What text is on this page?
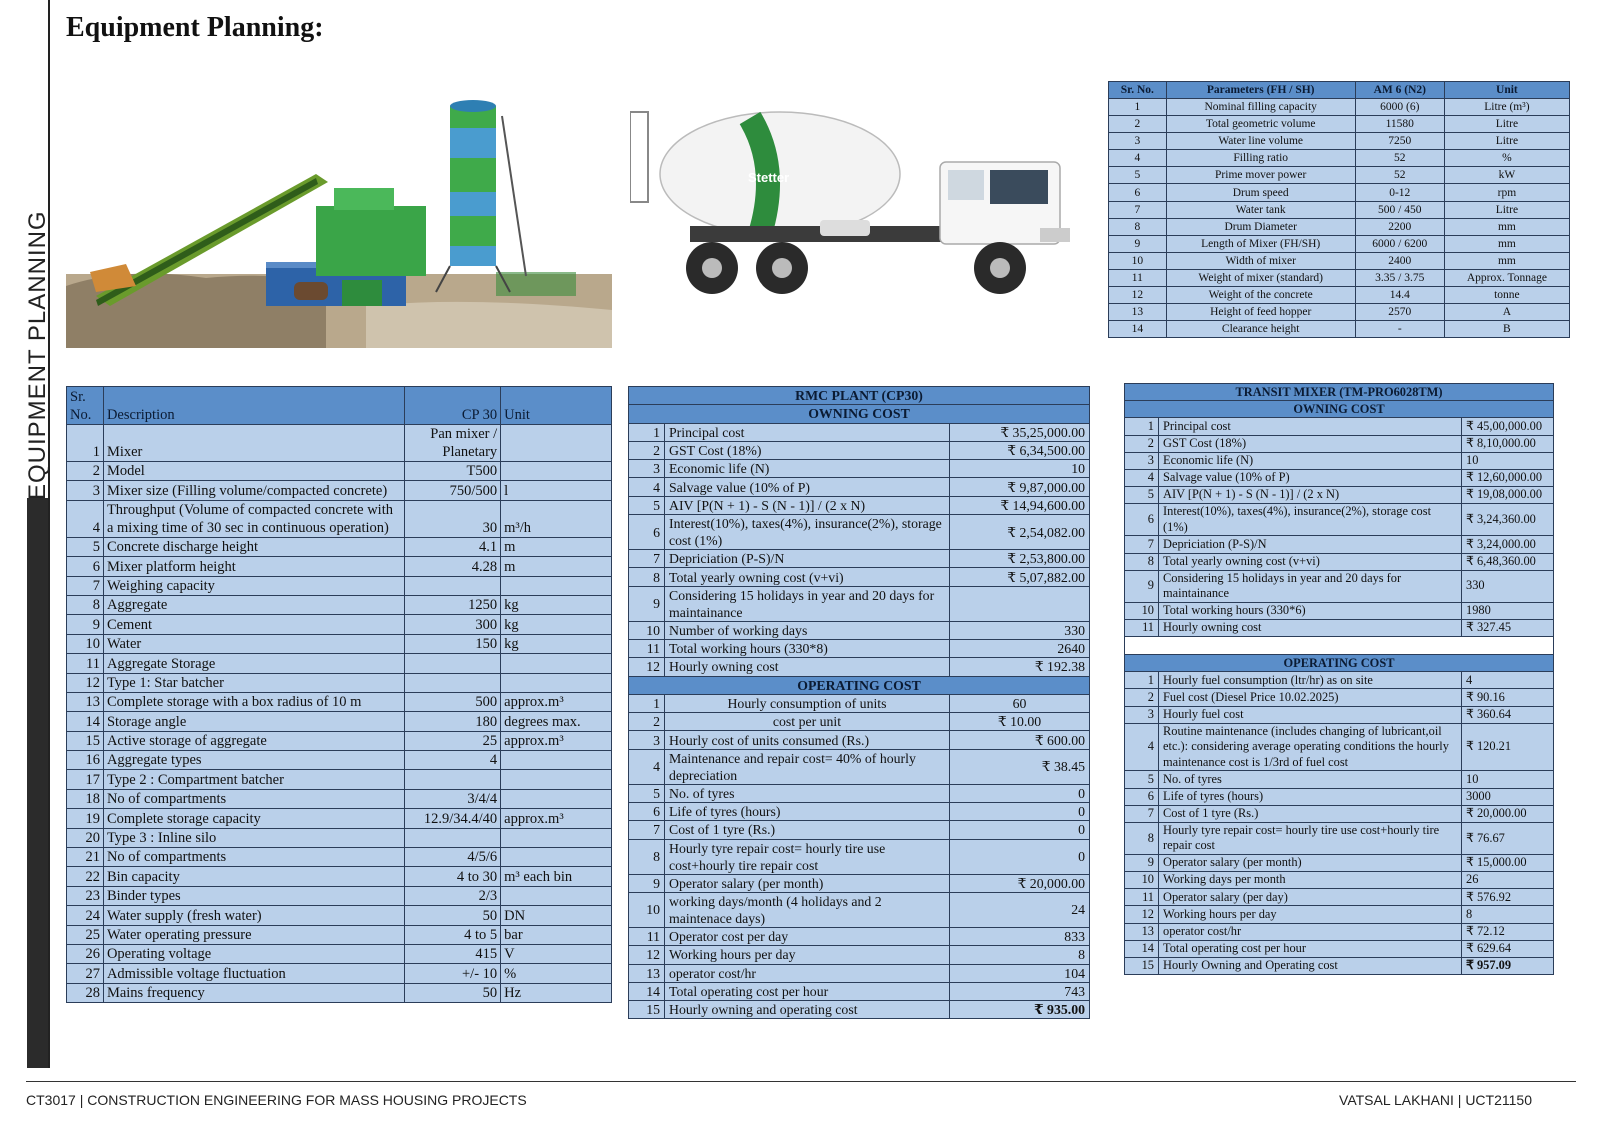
EQUIPMENT PLANNING
Equipment Planning:
Stetter
Sr. No.	Parameters (FH / SH)	AM 6 (N2)	Unit
1	Nominal filling capacity	6000 (6)	Litre (m³)
2	Total geometric volume	11580	Litre
3	Water line volume	7250	Litre
4	Filling ratio	52	%
5	Prime mover power	52	kW
6	Drum speed	0-12	rpm
7	Water tank	500 / 450	Litre
8	Drum Diameter	2200	mm
9	Length of Mixer (FH/SH)	6000 / 6200	mm
10	Width of mixer	2400	mm
11	Weight of mixer (standard)	3.35 / 3.75	Approx. Tonnage
12	Weight of the concrete	14.4	tonne
13	Height of feed hopper	2570	A
14	Clearance height	-	B
Sr. No.	Description	CP 30	Unit
1	Mixer	Pan mixer / Planetary	
2	Model	T500	
3	Mixer size (Filling volume/compacted concrete)	750/500	l
4	Throughput (Volume of compacted concrete with a mixing time of 30 sec in continuous operation)	30	m³/h
5	Concrete discharge height	4.1	m
6	Mixer platform height	4.28	m
7	Weighing capacity		
8	Aggregate	1250	kg
9	Cement	300	kg
10	Water	150	kg
11	Aggregate Storage		
12	Type 1: Star batcher		
13	Complete storage with a box radius of 10 m	500	approx.m³
14	Storage angle	180	degrees max.
15	Active storage of aggregate	25	approx.m³
16	Aggregate types	4	
17	Type 2 : Compartment batcher		
18	No of compartments	3/4/4	
19	Complete storage capacity	12.9/34.4/40	approx.m³
20	Type 3 : Inline silo		
21	No of compartments	4/5/6	
22	Bin capacity	4 to 30	m³ each bin
23	Binder types	2/3	
24	Water supply (fresh water)	50	DN
25	Water operating pressure	4 to 5	bar
26	Operating voltage	415	V
27	Admissible voltage fluctuation	+/- 10	%
28	Mains frequency	50	Hz
RMC PLANT (CP30)		
OWNING COST		
1	Principal cost	₹ 35,25,000.00
2	GST Cost (18%)	₹ 6,34,500.00
3	Economic life (N)	10
4	Salvage value (10% of P)	₹ 9,87,000.00
5	AIV [P(N + 1) - S (N - 1)] / (2 x N)	₹ 14,94,600.00
6	Interest(10%), taxes(4%), insurance(2%), storage cost (1%)	₹ 2,54,082.00
7	Depriciation (P-S)/N	₹ 2,53,800.00
8	Total yearly owning cost (v+vi)	₹ 5,07,882.00
9	Considering 15 holidays in year and 20 days for maintainance	
10	Number of working days	330
11	Total working hours (330*8)	2640
12	Hourly owning cost	₹ 192.38
OPERATING COST		
1	Hourly consumption of units	60
2	cost per unit	₹ 10.00
3	Hourly cost of units consumed (Rs.)	₹ 600.00
4	Maintenance and repair cost= 40% of hourly depreciation	₹ 38.45
5	No. of tyres	0
6	Life of tyres (hours)	0
7	Cost of 1 tyre (Rs.)	0
8	Hourly tyre repair cost= hourly tire use cost+hourly tire repair cost	0
9	Operator salary (per month)	₹ 20,000.00
10	working days/month (4 holidays and 2 maintenace days)	24
11	Operator cost per day	833
12	Working hours per day	8
13	operator cost/hr	104
14	Total operating cost per hour	743
15	Hourly owning and operating cost	₹ 935.00
TRANSIT MIXER (TM-PRO6028TM)		
OWNING COST		
1	Principal cost	₹ 45,00,000.00
2	GST Cost (18%)	₹ 8,10,000.00
3	Economic life (N)	10
4	Salvage value (10% of P)	₹ 12,60,000.00
5	AIV [P(N + 1) - S (N - 1)] / (2 x N)	₹ 19,08,000.00
6	Interest(10%), taxes(4%), insurance(2%), storage cost (1%)	₹ 3,24,360.00
7	Depriciation (P-S)/N	₹ 3,24,000.00
8	Total yearly owning cost (v+vi)	₹ 6,48,360.00
9	Considering 15 holidays in year and 20 days for maintainance	330
10	Total working hours (330*6)	1980
11	Hourly owning cost	₹ 327.45

OPERATING COST		
1	Hourly fuel consumption (ltr/hr) as on site	4
2	Fuel cost (Diesel Price 10.02.2025)	₹ 90.16
3	Hourly fuel cost	₹ 360.64
4	Routine maintenance (includes changing of lubricant,oil etc.): considering average operating conditions the hourly maintenance cost is 1/3rd of fuel cost	₹ 120.21
5	No. of tyres	10
6	Life of tyres (hours)	3000
7	Cost of 1 tyre (Rs.)	₹ 20,000.00
8	Hourly tyre repair cost= hourly tire use cost+hourly tire repair cost	₹ 76.67
9	Operator salary (per month)	₹ 15,000.00
10	Working days per month	26
11	Operator salary (per day)	₹ 576.92
12	Working hours per day	8
13	operator cost/hr	₹ 72.12
14	Total operating cost per hour	₹ 629.64
15	Hourly Owning and Operating cost	₹ 957.09
CT3017 | CONSTRUCTION ENGINEERING FOR MASS HOUSING PROJECTS	VATSAL LAKHANI | UCT21150
